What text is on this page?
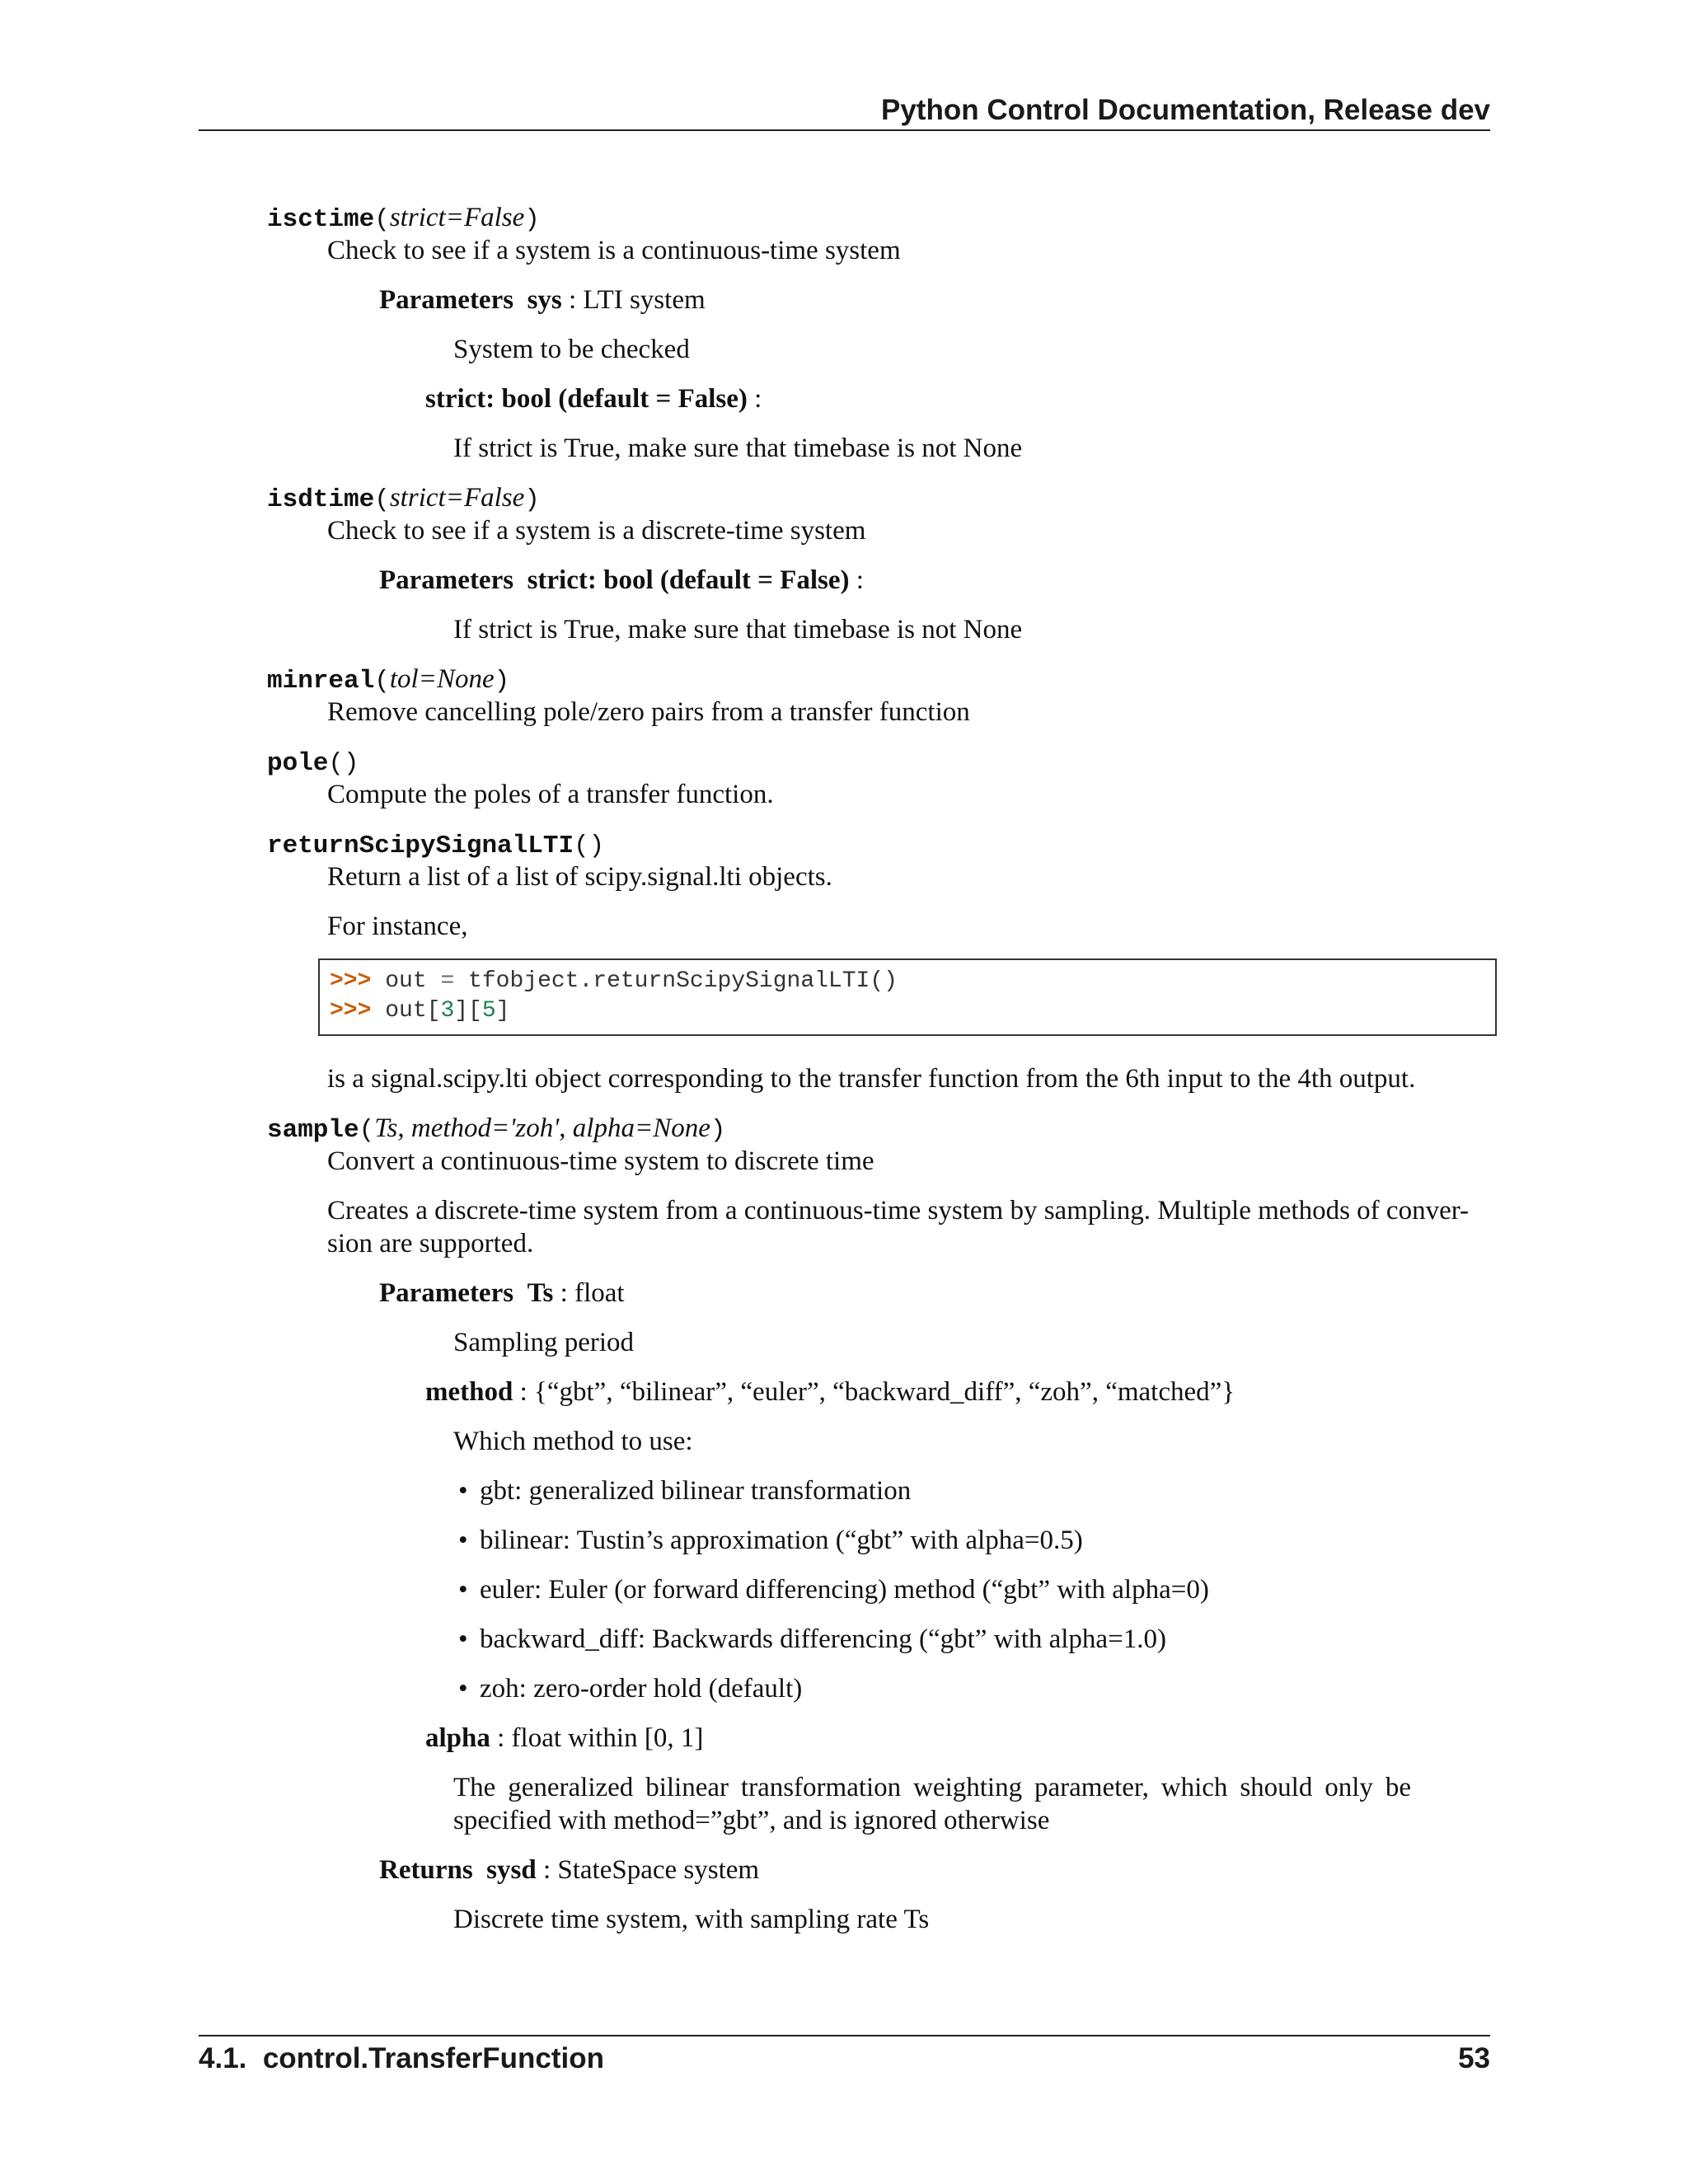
Python Control Documentation, Release dev
isctime(strict=False)
Check to see if a system is a continuous-time system
Parameters sys : LTI system
System to be checked
strict: bool (default = False) :
If strict is True, make sure that timebase is not None
isdtime(strict=False)
Check to see if a system is a discrete-time system
Parameters strict: bool (default = False) :
If strict is True, make sure that timebase is not None
minreal(tol=None)
Remove cancelling pole/zero pairs from a transfer function
pole()
Compute the poles of a transfer function.
returnScipySignalLTI()
Return a list of a list of scipy.signal.lti objects.
For instance,
>>> out = tfobject.returnScipySignalLTI()
>>> out[3][5]
is a signal.scipy.lti object corresponding to the transfer function from the 6th input to the 4th output.
sample(Ts, method='zoh', alpha=None)
Convert a continuous-time system to discrete time
Creates a discrete-time system from a continuous-time system by sampling. Multiple methods of conver-
sion are supported.
Parameters Ts : float
Sampling period
method : {“gbt”, “bilinear”, “euler”, “backward_diff”, “zoh”, “matched”}
Which method to use:
• gbt: generalized bilinear transformation
• bilinear: Tustin’s approximation (“gbt” with alpha=0.5)
• euler: Euler (or forward differencing) method (“gbt” with alpha=0)
• backward_diff: Backwards differencing (“gbt” with alpha=1.0)
• zoh: zero-order hold (default)
alpha : float within [0, 1]
The generalized bilinear transformation weighting parameter, which should only be
specified with method=”gbt”, and is ignored otherwise
Returns sysd : StateSpace system
Discrete time system, with sampling rate Ts
4.1.  control.TransferFunction	53
